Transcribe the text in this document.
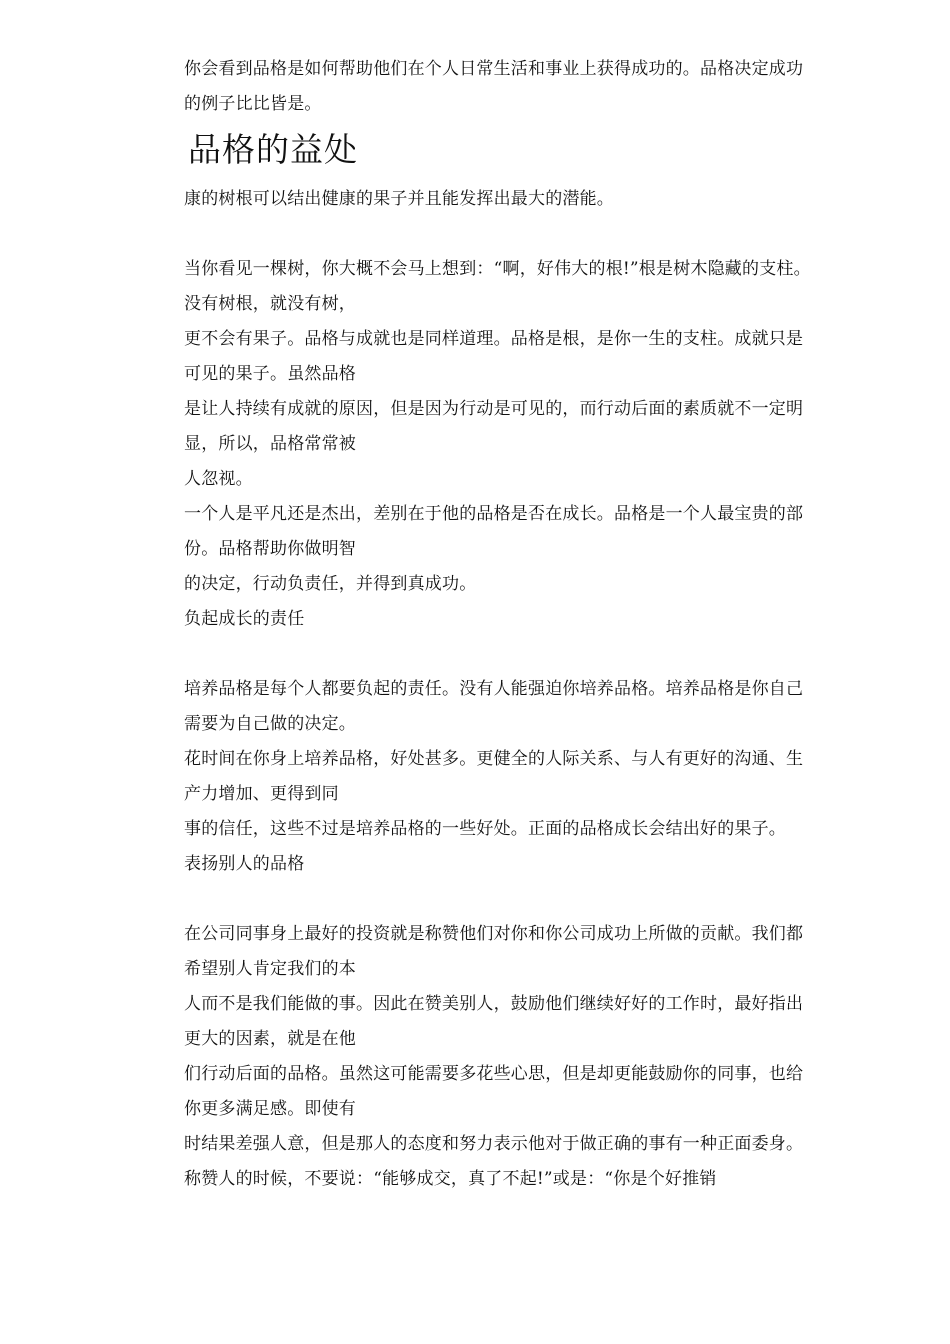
你会看到品格是如何帮助他们在个人日常生活和事业上获得成功的。品格决定成功的例子比比皆是。

品格的益处

康的树根可以结出健康的果子并且能发挥出最大的潜能。

当你看见一棵树，你大概不会马上想到：“啊，好伟大的根!”根是树木隐藏的支柱。没有树根，就没有树，

更不会有果子。品格与成就也是同样道理。品格是根，是你一生的支柱。成就只是可见的果子。虽然品格

是让人持续有成就的原因，但是因为行动是可见的，而行动后面的素质就不一定明显，所以，品格常常被

人忽视。

一个人是平凡还是杰出，差别在于他的品格是否在成长。品格是一个人最宝贵的部份。品格帮助你做明智

的决定，行动负责任，并得到真成功。

负起成长的责任

培养品格是每个人都要负起的责任。没有人能强迫你培养品格。培养品格是你自己需要为自己做的决定。

花时间在你身上培养品格，好处甚多。更健全的人际关系、与人有更好的沟通、生产力增加、更得到同

事的信任，这些不过是培养品格的一些好处。正面的品格成长会结出好的果子。

表扬别人的品格

在公司同事身上最好的投资就是称赞他们对你和你公司成功上所做的贡献。我们都希望别人肯定我们的本

人而不是我们能做的事。因此在赞美别人，鼓励他们继续好好的工作时，最好指出更大的因素，就是在他

们行动后面的品格。虽然这可能需要多花些心思，但是却更能鼓励你的同事，也给你更多满足感。即使有

时结果差强人意，但是那人的态度和努力表示他对于做正确的事有一种正面委身。

称赞人的时候，不要说：“能够成交，真了不起!”或是：“你是个好推销
